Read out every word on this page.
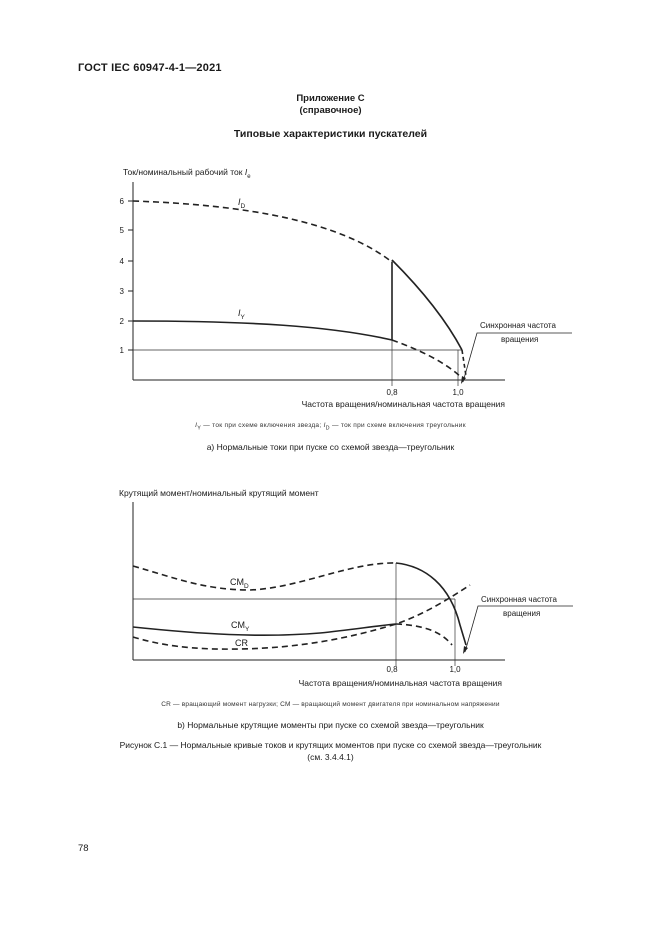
ГОСТ IEC 60947-4-1—2021
Приложение С
(справочное)
Типовые характеристики пускателей
Ток/номинальный рабочий ток $I_e$
1
2
3
4
5
6
0,8	1,0
$I_D$
$I_Y$
Синхронная частота
вращения
Частота вращения/номинальная частота вращения
$I_Y$ — ток при схеме включения звезда; $I_D$ — ток при схеме включения треугольник
a) Нормальные токи при пуске со схемой звезда—треугольник
Крутящий момент/номинальный крутящий момент
0,8	1,0
$CM_D$
$CM_Y$
CR
Синхронная частота
вращения
Частота вращения/номинальная частота вращения
CR — вращающий момент нагрузки; CM — вращающий момент двигателя при номинальном напряжении
b) Нормальные крутящие моменты при пуске со схемой звезда—треугольник
Рисунок С.1 — Нормальные кривые токов и крутящих моментов при пуске со схемой звезда—треугольник
(см. 3.4.4.1)
78
